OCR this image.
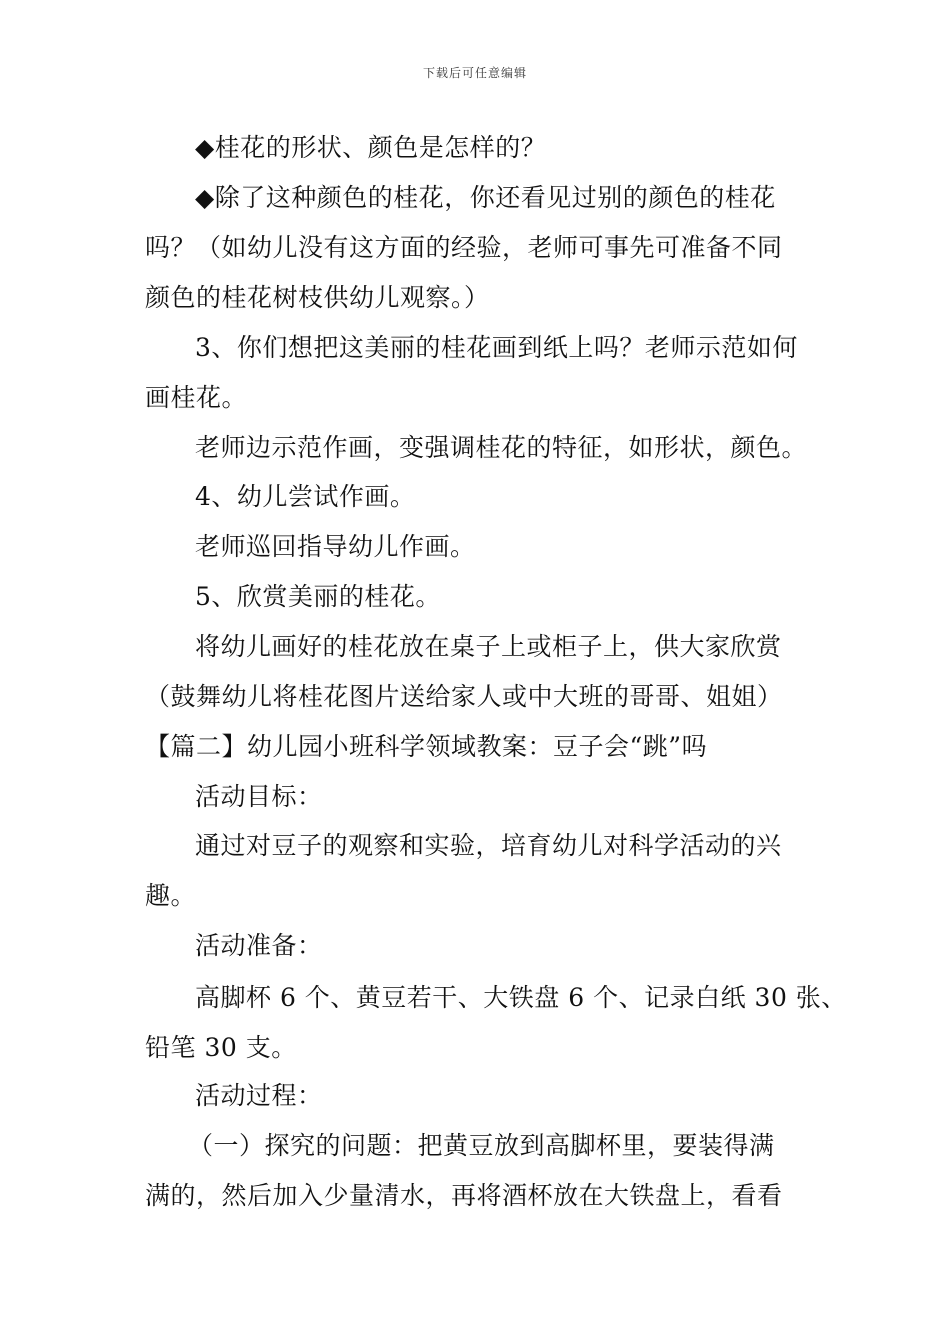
下载后可任意编辑
◆桂花的形状、颜色是怎样的？
◆除了这种颜色的桂花，你还看见过别的颜色的桂花
吗？（如幼儿没有这方面的经验，老师可事先可准备不同
颜色的桂花树枝供幼儿观察。）
3、你们想把这美丽的桂花画到纸上吗？老师示范如何
画桂花。
老师边示范作画，变强调桂花的特征，如形状，颜色。
4、幼儿尝试作画。
老师巡回指导幼儿作画。
5、欣赏美丽的桂花。
将幼儿画好的桂花放在桌子上或柜子上，供大家欣赏
（鼓舞幼儿将桂花图片送给家人或中大班的哥哥、姐姐）
【篇二】幼儿园小班科学领域教案：豆子会“跳”吗
活动目标：
通过对豆子的观察和实验，培育幼儿对科学活动的兴
趣。
活动准备：
高脚杯 6 个、黄豆若干、大铁盘 6 个、记录白纸 30 张、
铅笔 30 支。
活动过程：
（一）探究的问题：把黄豆放到高脚杯里，要装得满
满的，然后加入少量清水，再将酒杯放在大铁盘上，看看
